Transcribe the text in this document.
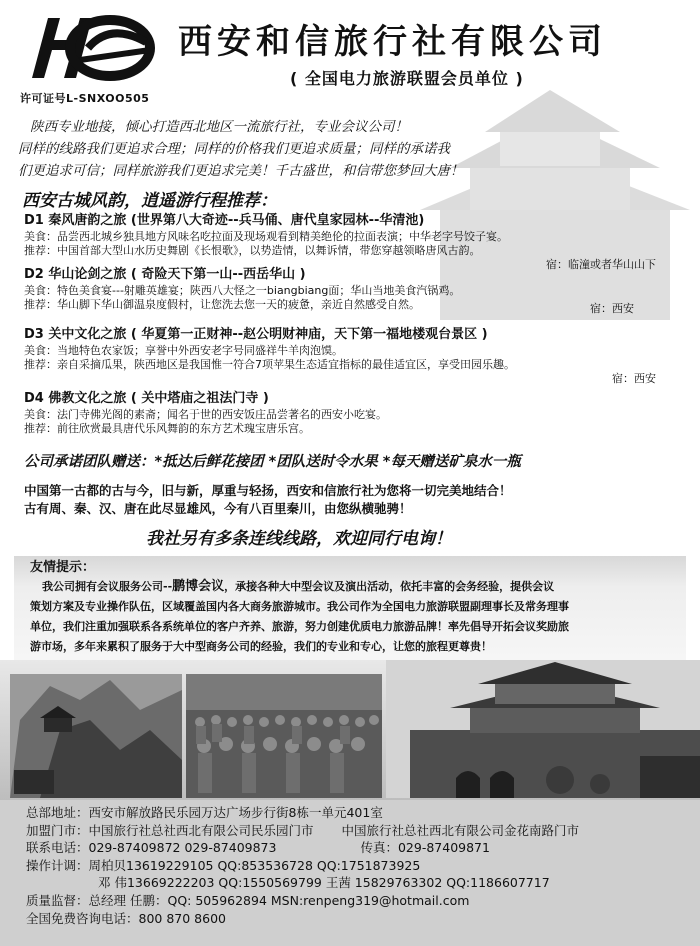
许可证号L-SNXOO505
西安和信旅行社有限公司
( 全国电力旅游联盟会员单位 )
陕西专业地接，倾心打造西北地区一流旅行社，专业会议公司！
同样的线路我们更追求合理；同样的价格我们更追求质量；同样的承诺我
们更追求可信；同样旅游我们更追求完美！千古盛世，和信带您梦回大唐！
西安古城风韵，逍遥游行程推荐：
D1 秦风唐韵之旅 (世界第八大奇迹--兵马俑、唐代皇家园林--华清池)
美食：品尝西北城乡独具地方风味名吃拉面及现场观看到精美绝伦的拉面表演；中华老字号饺子宴。
推荐：中国首部大型山水历史舞剧《长恨歌》，以势造情，以舞诉情，带您穿越领略唐风古韵。
宿：临潼或者华山山下
D2 华山论剑之旅 ( 奇险天下第一山--西岳华山 )
美食：特色美食宴---射雕英雄宴；陕西八大怪之一biangbiang面；华山当地美食汽锅鸡。
推荐：华山脚下华山御温泉度假村，让您洗去您一天的疲惫，亲近自然感受自然。	宿：西安
D3 关中文化之旅 ( 华夏第一正财神--赵公明财神庙，天下第一福地楼观台景区 )
美食：当地特色农家饭；享誉中外西安老字号同盛祥牛羊肉泡馍。
推荐：亲自采摘瓜果，陕西地区是我国惟一符合7项苹果生态适宜指标的最佳适宜区，享受田园乐趣。
宿：西安
D4 佛教文化之旅 ( 关中塔庙之祖法门寺 )
美食：法门寺佛光阁的素斋；闻名于世的西安饭庄品尝著名的西安小吃宴。
推荐：前往欣赏最具唐代乐风舞韵的东方艺术瑰宝唐乐宫。
公司承诺团队赠送：*抵达后鲜花接团 *团队送时令水果 *每天赠送矿泉水一瓶
中国第一古都的古与今，旧与新，厚重与轻扬，西安和信旅行社为您将一切完美地结合！
古有周、秦、汉、唐在此尽显雄风，今有八百里秦川，由您纵横驰骋！
我社另有多条连线线路，欢迎同行电询！
友情提示：
我公司拥有会议服务公司--鹏博会议，承接各种大中型会议及演出活动，依托丰富的会务经验，提供会议
策划方案及专业操作队伍，区域覆盖国内各大商务旅游城市。我公司作为全国电力旅游联盟副理事长及常务理事
单位，我们注重加强联系各系统单位的客户齐养、旅游，努力创建优质电力旅游品牌！率先倡导开拓会议奖励旅
游市场，多年来累积了服务于大中型商务公司的经验，我们的专业和专心，让您的旅程更尊贵！
总部地址：西安市解放路民乐园万达广场步行街8栋一单元401室
加盟门市：中国旅行社总社西北有限公司民乐园门市 中国旅行社总社西北有限公司金花南路门市
联系电话：029-87409872 029-87409873	传真：029-87409871
操作计调：周柏贝13619229105 QQ:853536728 QQ:1751873925
邓 伟13669222203 QQ:1550569799 王茜 15829763302 QQ:1186607717
质量监督：总经理 任鹏：QQ: 505962894 MSN:renpeng319@hotmail.com
全国免费咨询电话：800 870 8600
